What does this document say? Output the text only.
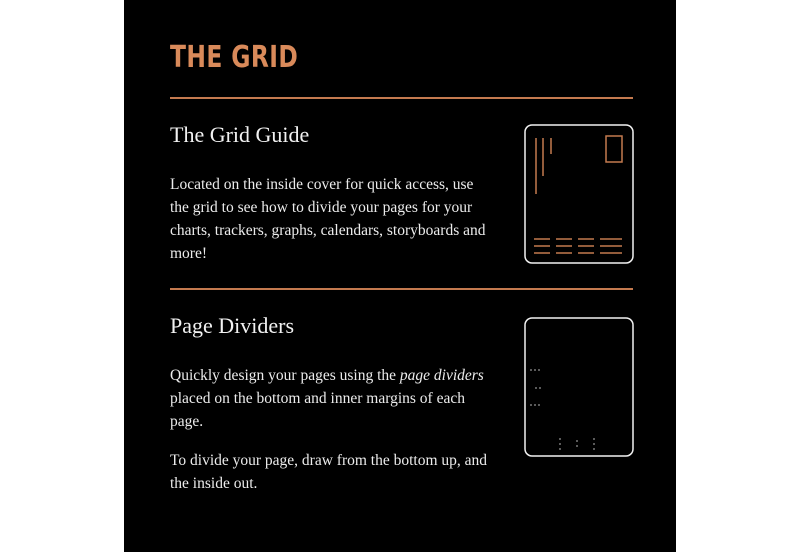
THE GRID
The Grid Guide
Located on the inside cover for quick access, use the grid to see how to divide your pages for your charts, trackers, graphs, calendars, storyboards and more!
Page Dividers
Quickly design your pages using the page dividers placed on the bottom and inner margins of each page.
To divide your page, draw from the bottom up, and the inside out.
